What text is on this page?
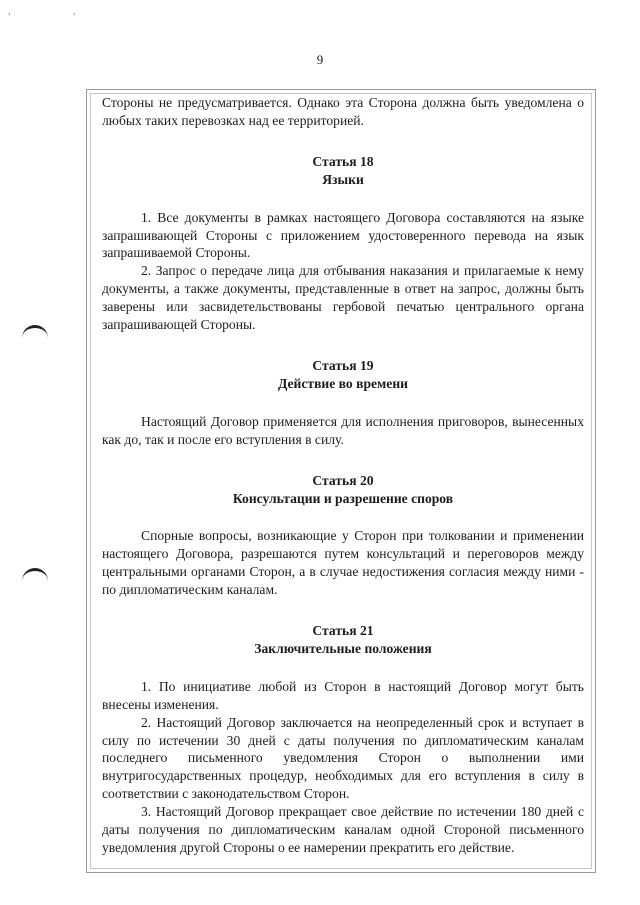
, ,
9

Стороны не предусматривается. Однако эта Сторона должна быть уведомлена о любых таких перевозках над ее территорией.

Статья 18
Языки

1. Все документы в рамках настоящего Договора составляются на языке запрашивающей Стороны с приложением удостоверенного перевода на язык запрашиваемой Стороны.

2. Запрос о передаче лица для отбывания наказания и прилагаемые к нему документы, а также документы, представленные в ответ на запрос, должны быть заверены или засвидетельствованы гербовой печатью центрального органа запрашивающей Стороны.

Статья 19
Действие во времени

Настоящий Договор применяется для исполнения приговоров, вынесенных как до, так и после его вступления в силу.

Статья 20
Консультации и разрешение споров

Спорные вопросы, возникающие у Сторон при толковании и применении настоящего Договора, разрешаются путем консультаций и переговоров между центральными органами Сторон, а в случае недостижения согласия между ними - по дипломатическим каналам.

Статья 21
Заключительные положения

1. По инициативе любой из Сторон в настоящий Договор могут быть внесены изменения.

2. Настоящий Договор заключается на неопределенный срок и вступает в силу по истечении 30 дней с даты получения по дипломатическим каналам последнего письменного уведомления Сторон о выполнении ими внутригосударственных процедур, необходимых для его вступления в силу в соответствии с законодательством Сторон.

3. Настоящий Договор прекращает свое действие по истечении 180 дней с даты получения по дипломатическим каналам одной Стороной письменного уведомления другой Стороны о ее намерении прекратить его действие.
